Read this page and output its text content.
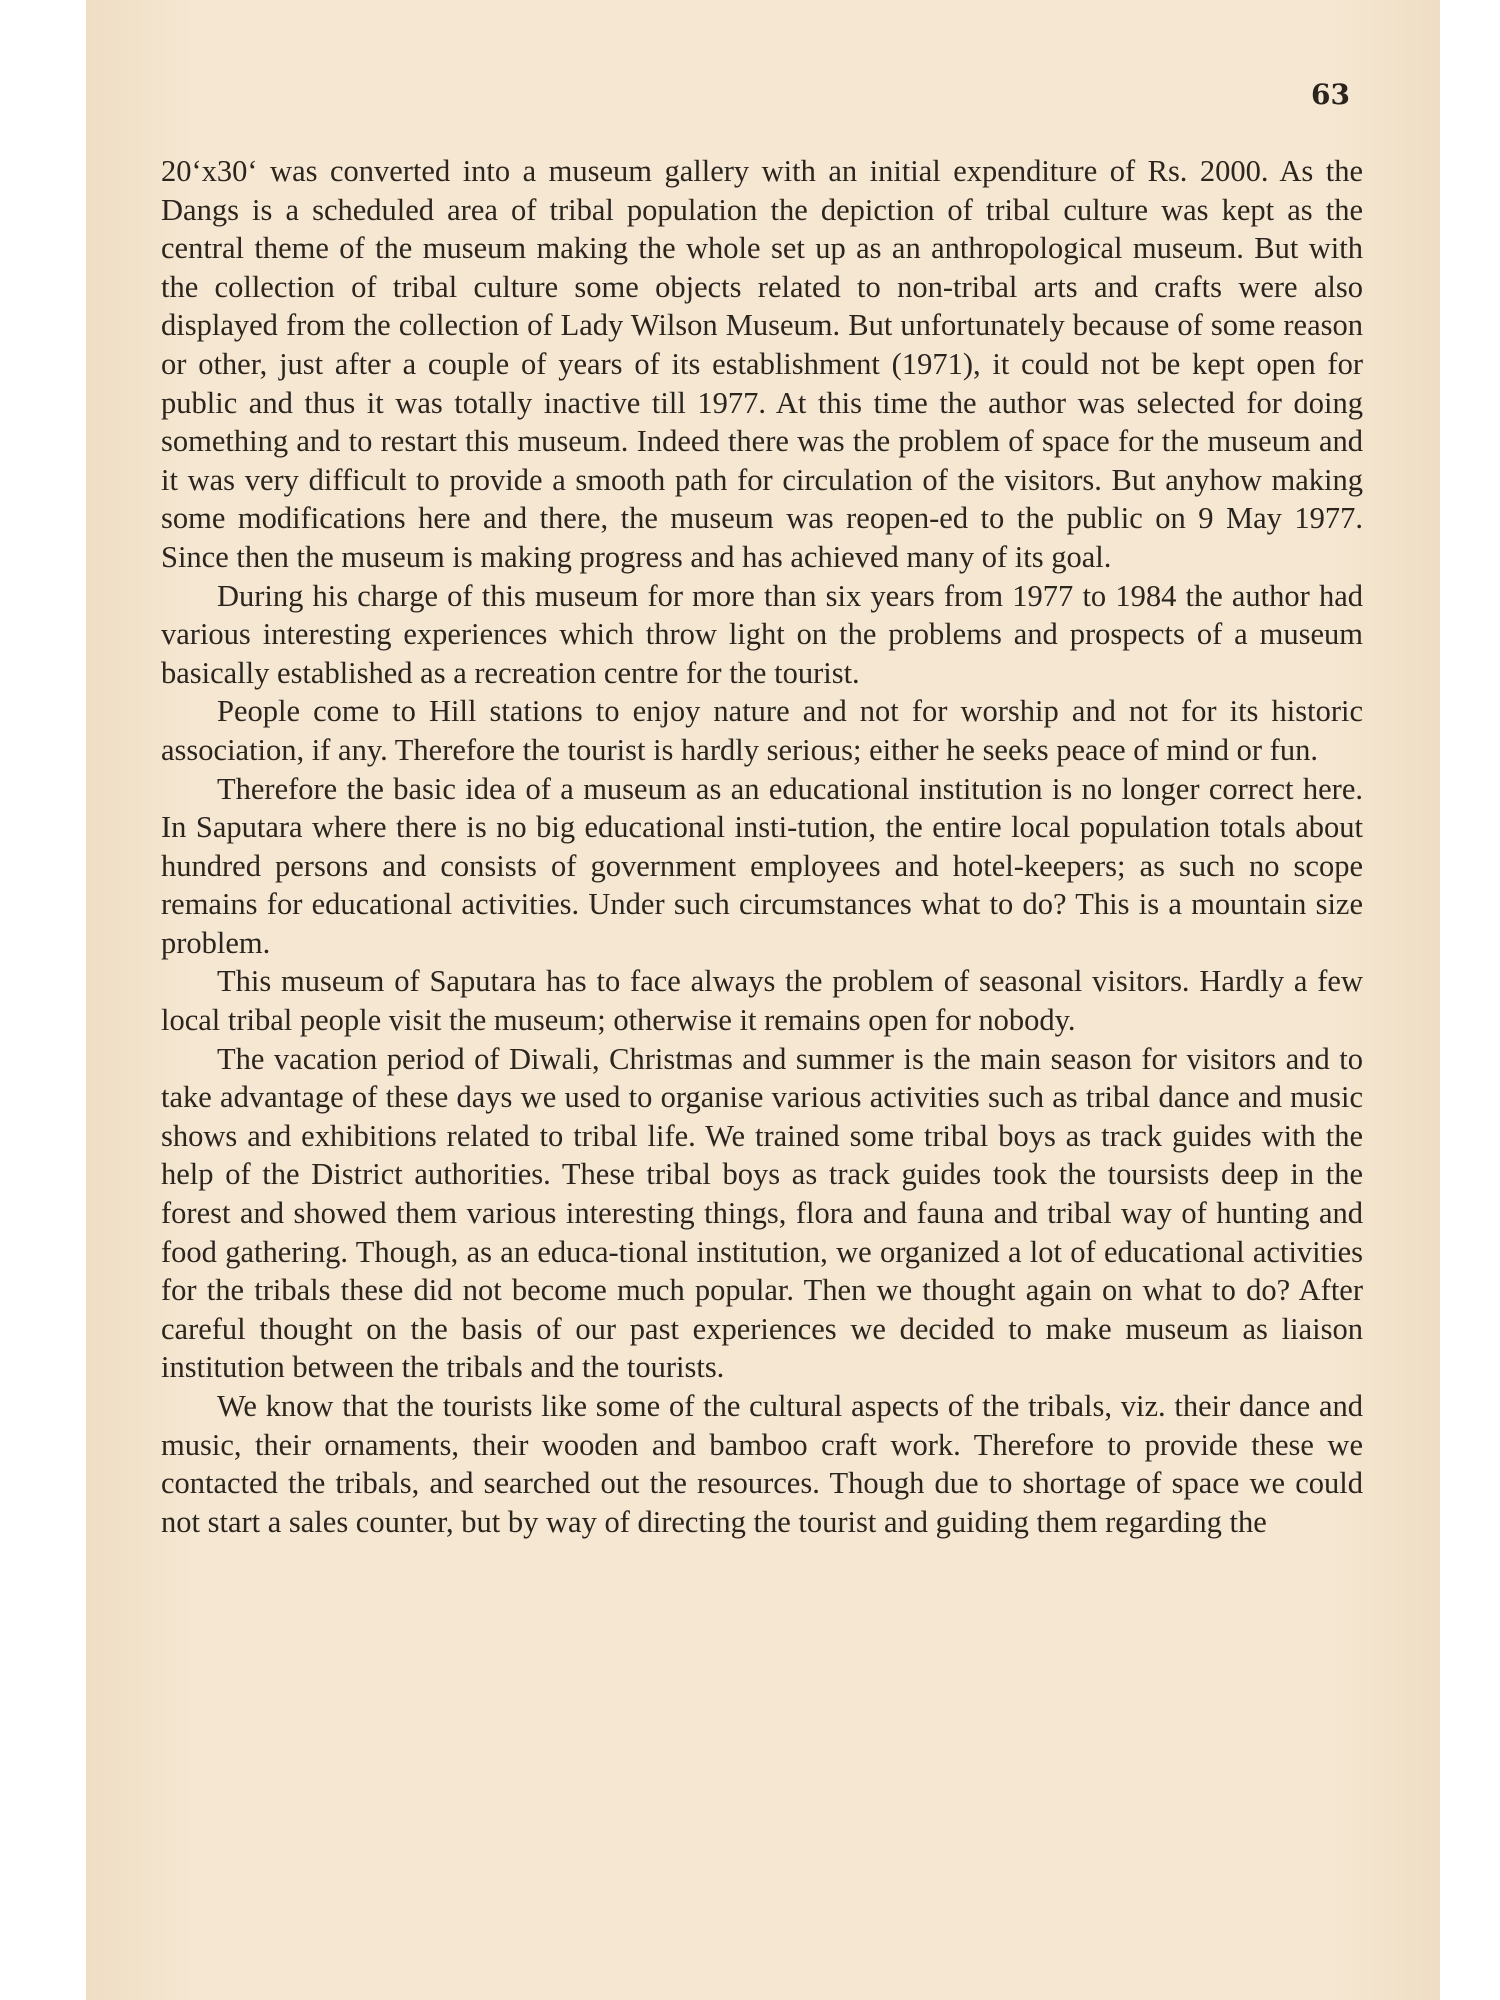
63

20‘x30‘ was converted into a museum gallery with an initial expenditure of Rs. 2000. As the Dangs is a scheduled area of tribal population the depiction of tribal culture was kept as the central theme of the museum making the whole set up as an anthropological museum. But with the collection of tribal culture some objects related to non-tribal arts and crafts were also displayed from the collection of Lady Wilson Museum. But unfortunately because of some reason or other, just after a couple of years of its establishment (1971), it could not be kept open for public and thus it was totally inactive till 1977. At this time the author was selected for doing something and to restart this museum. Indeed there was the problem of space for the museum and it was very difficult to provide a smooth path for circulation of the visitors. But anyhow making some modifications here and there, the museum was reopen-ed to the public on 9 May 1977. Since then the museum is making progress and has achieved many of its goal.

During his charge of this museum for more than six years from 1977 to 1984 the author had various interesting experiences which throw light on the problems and prospects of a museum basically established as a recreation centre for the tourist.

People come to Hill stations to enjoy nature and not for worship and not for its historic association, if any. Therefore the tourist is hardly serious; either he seeks peace of mind or fun.

Therefore the basic idea of a museum as an educational institution is no longer correct here. In Saputara where there is no big educational insti-tution, the entire local population totals about hundred persons and consists of government employees and hotel-keepers; as such no scope remains for educational activities. Under such circumstances what to do? This is a mountain size problem.

This museum of Saputara has to face always the problem of seasonal visitors. Hardly a few local tribal people visit the museum; otherwise it remains open for nobody.

The vacation period of Diwali, Christmas and summer is the main season for visitors and to take advantage of these days we used to organise various activities such as tribal dance and music shows and exhibitions related to tribal life. We trained some tribal boys as track guides with the help of the District authorities. These tribal boys as track guides took the toursists deep in the forest and showed them various interesting things, flora and fauna and tribal way of hunting and food gathering. Though, as an educa-tional institution, we organized a lot of educational activities for the tribals these did not become much popular. Then we thought again on what to do? After careful thought on the basis of our past experiences we decided to make museum as liaison institution between the tribals and the tourists.

We know that the tourists like some of the cultural aspects of the tribals, viz. their dance and music, their ornaments, their wooden and bamboo craft work. Therefore to provide these we contacted the tribals, and searched out the resources. Though due to shortage of space we could not start a sales counter, but by way of directing the tourist and guiding them regarding the
